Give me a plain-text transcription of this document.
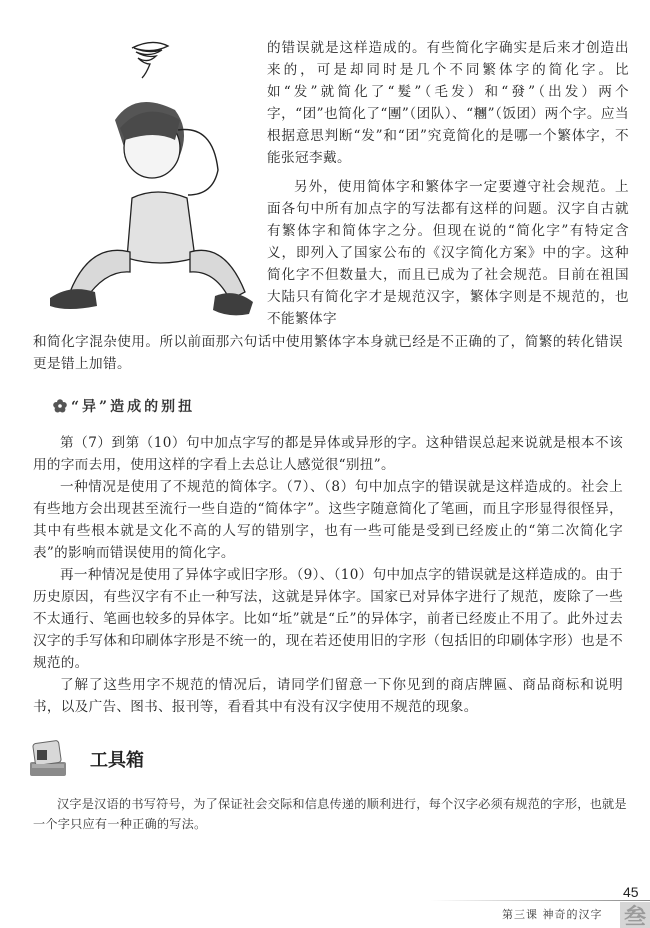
的错误就是这样造成的。有些简化字确实是后来才创造出来的，可是却同时是几个不同繁体字的简化字。比如“发”就简化了“髮”（毛发）和“發”（出发）两个字，“团”也简化了“團”（团队）、“糰”（饭团）两个字。应当根据意思判断“发”和“团”究竟简化的是哪一个繁体字，不能张冠李戴。

另外，使用简体字和繁体字一定要遵守社会规范。上面各句中所有加点字的写法都有这样的问题。汉字自古就有繁体字和简体字之分。但现在说的“简化字”有特定含义，即列入了国家公布的《汉字简化方案》中的字。这种简化字不但数量大，而且已成为了社会规范。目前在祖国大陆只有简化字才是规范汉字，繁体字则是不规范的，也不能繁体字

和简化字混杂使用。所以前面那六句话中使用繁体字本身就已经是不正确的了，简繁的转化错误更是错上加错。

“异”造成的别扭

第（7）到第（10）句中加点字写的都是异体或异形的字。这种错误总起来说就是根本不该用的字而去用，使用这样的字看上去总让人感觉很“别扭”。

一种情况是使用了不规范的简体字。（7）、（8）句中加点字的错误就是这样造成的。社会上有些地方会出现甚至流行一些自造的“简体字”。这些字随意简化了笔画，而且字形显得很怪异，其中有些根本就是文化不高的人写的错别字，也有一些可能是受到已经废止的“第二次简化字表”的影响而错误使用的简化字。

再一种情况是使用了异体字或旧字形。（9）、（10）句中加点字的错误就是这样造成的。由于历史原因，有些汉字有不止一种写法，这就是异体字。国家已对异体字进行了规范，废除了一些不太通行、笔画也较多的异体字。比如“坵”就是“丘”的异体字，前者已经废止不用了。此外过去汉字的手写体和印刷体字形是不统一的，现在若还使用旧的字形（包括旧的印刷体字形）也是不规范的。

了解了这些用字不规范的情况后，请同学们留意一下你见到的商店牌匾、商品商标和说明书，以及广告、图书、报刊等，看看其中有没有汉字使用不规范的现象。

工具箱

汉字是汉语的书写符号，为了保证社会交际和信息传递的顺利进行，每个汉字必须有规范的字形，也就是一个字只应有一种正确的写法。

45
第三课 神奇的汉字 叁
